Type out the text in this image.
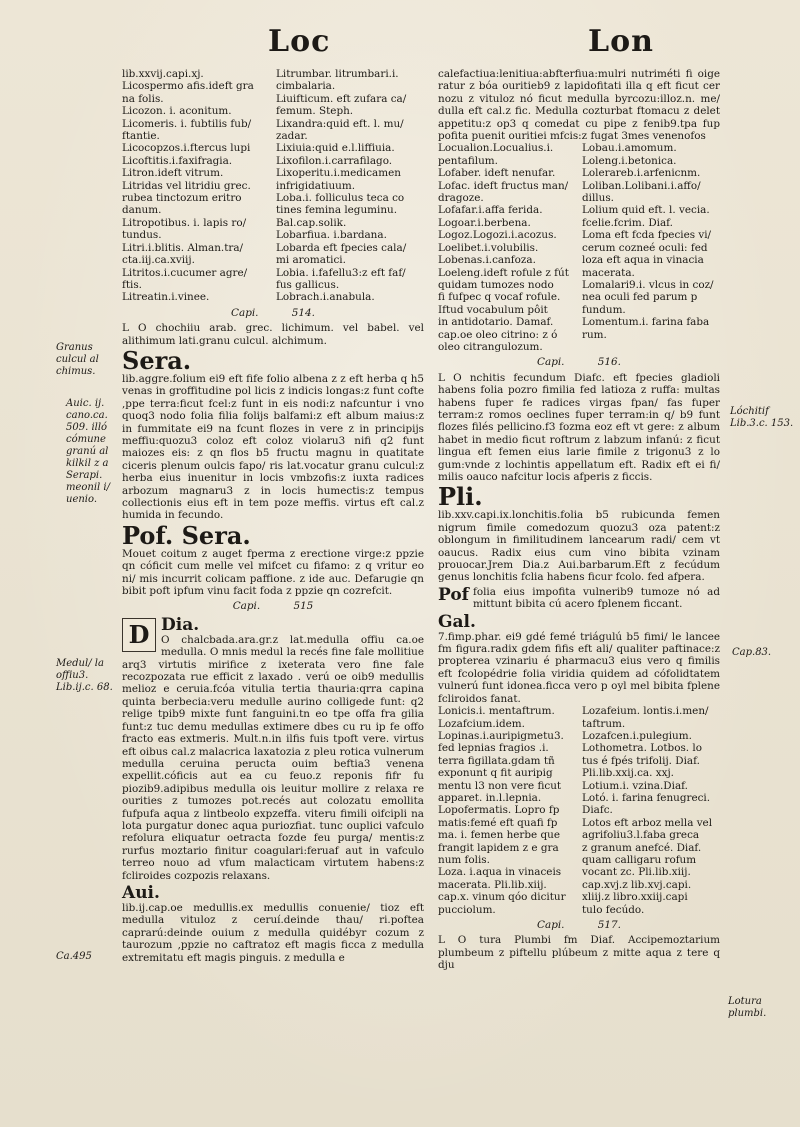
Loc	Lon
lib.xxvij.capi.xj.
Licospermo afis.ideft gra
na folis.
Licozon. i. aconitum.
Licomeris. i. fubtilis fub/
ftantie.
Licocopzos.i.ftercus lupi
Licoftitis.i.faxifragia.
Litron.ideft vitrum.
Litridas vel litridiu grec.
rubea tinctozum eritro
danum.
Litropotibus. i. lapis ro/
tundus.
Litri.i.blitis. Alman.tra/
cta.iij.ca.xviij.
Litritos.i.cucumer agre/
ftis.
Litreatin.i.vinee.
Litrumbar. litrumbari.i.
cimbalaria.
Liuifticum. eft zufara ca/
femum. Steph.
Lixandra:quid eft. l. mu/
zadar.
Lixiuia:quid e.l.liffiuia.
Lixofilon.i.carrafilago.
Lixoperitu.i.medicamen
infrigidatiuum.
Loba.i. folliculus teca co
tines femina leguminu.
Bal.cap.solik.
Lobarfiua. i.bardana.
Lobarda eft fpecies cala/
mi aromatici.
Lobia. i.fafellu3:z eft faf/
fus gallicus.
Lobrach.i.anabula.
Capi.	514.

L O chochiiu arab. grec. lichimum. vel babel. vel alithimum lati.granu culcul. alchimum.

Sera.

lib.aggre.folium ei9 eft fife folio albena z z eft herba q h5 venas in groffitudine pol licis z indicis longas:z funt cofte ,ppe terra:ficut fcel:z funt in eis nodi:z nafcuntur i vno quoq3 nodo folia filia folijs balfami:z eft album maius:z in fummitate ei9 na fcunt flozes in vere z in principijs meffiu:quozu3 coloz eft coloz violaru3 nifi q2 funt maiozes eis: z qn flos b5 fructu magnu in quatitate ciceris plenum oulcis fapo/ ris lat.vocatur granu culcul:z herba eius inuenitur in locis vmbzofis:z iuxta radices arbozum magnaru3 z in locis humectis:z tempus collectionis eius eft in tem poze meffis. virtus eft cal.z humida in fecundo.

Pof. Sera.

Mouet coitum z auget fperma z erectione virge:z ppzie qn cóficit cum melle vel mifcet cu fifamo: z q vritur eo ni/ mis incurrit colicam paffione. z ide auc. Defarugie qn bibit poft ipfum vinu facit foda z ppzie qn cozrefcit.

Capi.	515
D Dia.

O chalcbada.ara.gr.z lat.medulla offiu ca.oe medulla. O mnis medul la recés fine fale mollitiue arq3 virtutis mirifice z ixeterata vero fine fale recozpozata rue efficit z laxado . verú oe oib9 medullis melioz e ceruia.fcóa vitulia tertia thauria:qrra capina quinta berbecia:veru medulle aurino colligede funt: q2 relige tpib9 mixte funt fanguini.tn eo tpe offa fra gilia funt:z tuc demu medullas extimere dbes cu ru ip fe offo fracto eas extmeris. Mult.n.in ilfis fuis tpoft vere. virtus eft oibus cal.z malacrica laxatozia z pleu rotica vulnerum medulla ceruina peructa ouim beftia3 venena expellit.cóficis aut ea cu feuo.z reponis fifr fu piozib9.adipibus medulla ois leuitur mollire z relaxa re ourities z tumozes pot.recés aut colozatu emollita fufpufa aqua z lintbeolo expzeffa. viteru fimili oifcipli na lota purgatur donec aqua puriozfiat. tunc ouplici vafculo refolura eliquatur oetracta fozde feu purga/ mentis:z rurfus moztario finitur coagulari:feruaf aut in vafculo terreo nouo ad vfum malacticam virtutem habens:z fcliroides cozpozis relaxans.

Aui.

lib.ij.cap.oe medullis.ex medullis conuenie/ tioz eft medulla vituloz z ceruí.deinde thau/ ri.poftea caprarú:deinde ouium z medulla quidébyr cozum z taurozum ,ppzie no caftratoz eft magis ficca z medulla extremitatu eft magis pinguis. z medulla e

calefactiua:lenitiua:abfterfiua:mulri nutriméti fi oige ratur z bóa ouritieb9 z lapidofitati illa q eft ficut cer nozu z vituloz nó ficut medulla byrcozu:illoz.n. me/ dulla eft cal.z fic. Medulla cozturbat ftomacu z delet appetitu:z op3 q comedat cu pipe z fenib9.tpa fup pofita puenit ouritiei mfcis:z fugat 3mes venenofos

Locualion.Locualius.i.
pentafilum.
Lofaber. ideft nenufar.
Lofac. ideft fructus man/
dragoze.
Lofafar.i.affa ferida.
Logoar.i.berbena.
Logoz.Logozi.i.acozus.
Loelibet.i.volubilis.
Lobenas.i.canfoza.
Loeleng.ideft rofule z fút
quidam tumozes nodo
fi fufpec q vocaf rofule.
Iftud vocabulum pôit
in antidotario. Damaf.
cap.oe oleo citrino: z ó
oleo citrangulozum.
Lobau.i.amomum.
Loleng.i.betonica.
Lolerareb.i.arfenicnm.
Loliban.Lolibani.i.affo/
dillus.
Lolium quid eft. l. vecia.
fcelie.fcrim. Diaf.
Loma eft fcda fpecies vi/
cerum cozneé oculi: fed
loza eft aqua in vinacia
macerata.
Lomalari9.i. vlcus in coz/
nea oculi fed parum p
fundum.
Lomentum.i. farina faba
rum.
Capi.	516.

L O nchitis fecundum Diafc. eft fpecies gladioli habens folia pozro fimilia fed latioza z ruffa: multas habens fuper fe radices virgas fpan/ fas fuper terram:z romos oeclines fuper terram:in q/ b9 funt flozes filés pellicino.f3 fozma eoz eft vt gere: z album habet in medio ficut roftrum z labzum infanú: z ficut lingua eft femen eius larie fimile z trigonu3 z lo gum:vnde z lochintis appellatum eft. Radix eft ei fi/ milis oauco nafcitur locis afperis z ficcis.

Pli.

lib.xxv.capi.ix.lonchitis.folia b5 rubicunda femen nigrum fimile comedozum quozu3 oza patent:z oblongum in fimilitudinem lancearum radi/ cem vt oaucus. Radix eius cum vino bibita vzinam prouocar.Jrem Dia.z Aui.barbarum.Eft z fecúdum genus lonchitis fclia habens ficur fcolo. fed afpera.

Pof folia eius impofita vulnerib9 tumoze nó ad mittunt bibita cú acero fplenem ficcant.
Gal.

7.fimp.phar. ei9 gdé femé triágulú b5 fimi/ le lancee fm figura.radix gdem fifis eft ali/ qualiter paftinace:z propterea vzinariu é pharmacu3 eius vero q fimilis eft fcolopédrie folia viridia quidem ad cófolidtatem vulnerú funt idonea.ficca vero p oyl mel bibita fplene fcliroidos fanat.

Lonicis.i. mentaftrum.
Lozafcium.idem.
Lopinas.i.auripigmetu3.
fed lepnias fragios .i.
terra figillata.gdam tñ
exponunt q fit auripig
mentu l3 non vere ficut
apparet. in.l.lepnia.
Lopofermatis. Lopro fp
matis:femé eft quafi fp
ma. i. femen herbe que
frangit lapidem z e gra
num folis.
Loza. i.aqua in vinaceis
macerata. Pli.lib.xiij.
cap.x. vinum qóo dicitur
pucciolum.
Lozafeium. lontis.i.men/
taftrum.
Lozafcen.i.pulegium.
Lothometra. Lotbos. lo
tus é fpés trifolij. Diaf.
Pli.lib.xxij.ca. xxj.
Lotium.i. vzina.Diaf.
Lotó. i. farina fenugreci.
Diafc.
Lotos eft arboz mella vel
agrifoliu3.l.faba greca
z granum anefcé. Diaf.
quam calligaru rofum
vocant zc. Pli.lib.xiij.
cap.xvj.z lib.xvj.capi.
xliij.z libro.xxiij.capi
tulo fecúdo.
Capi.	517.

L O tura Plumbi fm Diaf. Accipemoztarium plumbeum z piftellu plúbeum z mitte aqua z tere q dju

Granus culcul al chimus.
Auic. ij. cano.ca. 509. illó cómune granú al kilkil z a Serapi. meonil i/ uenio.
Medul/ la offiu3. Lib.ij.c. 68.
Ca.495
Lóchitif Lib.3.c. 153.
Cap.83.
Lotura plumbi.
